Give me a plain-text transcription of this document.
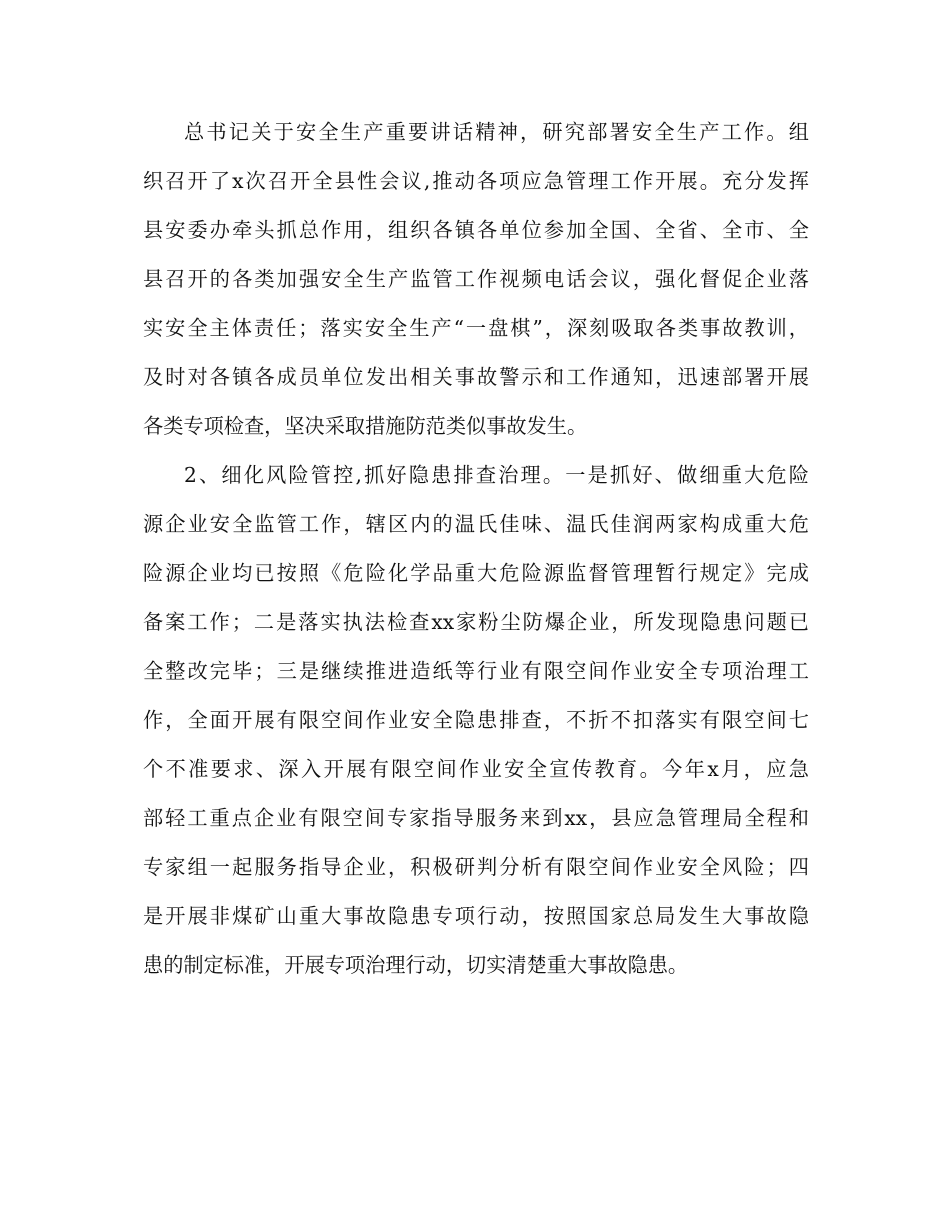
总书记关于安全生产重要讲话精神，研究部署安全生产工作。组
织召开了x次召开全县性会议,推动各项应急管理工作开展。充分发挥
县安委办牵头抓总作用，组织各镇各单位参加全国、全省、全市、全
县召开的各类加强安全生产监管工作视频电话会议，强化督促企业落
实安全主体责任；落实安全生产“一盘棋”，深刻吸取各类事故教训，
及时对各镇各成员单位发出相关事故警示和工作通知，迅速部署开展
各类专项检查，坚决采取措施防范类似事故发生。
2、细化风险管控,抓好隐患排查治理。一是抓好、做细重大危险
源企业安全监管工作，辖区内的温氏佳味、温氏佳润两家构成重大危
险源企业均已按照《危险化学品重大危险源监督管理暂行规定》完成
备案工作；二是落实执法检查xx家粉尘防爆企业，所发现隐患问题已
全整改完毕；三是继续推进造纸等行业有限空间作业安全专项治理工
作，全面开展有限空间作业安全隐患排查，不折不扣落实有限空间七
个不准要求、深入开展有限空间作业安全宣传教育。今年x月，应急
部轻工重点企业有限空间专家指导服务来到xx，县应急管理局全程和
专家组一起服务指导企业，积极研判分析有限空间作业安全风险；四
是开展非煤矿山重大事故隐患专项行动，按照国家总局发生大事故隐
患的制定标准，开展专项治理行动，切实清楚重大事故隐患。
